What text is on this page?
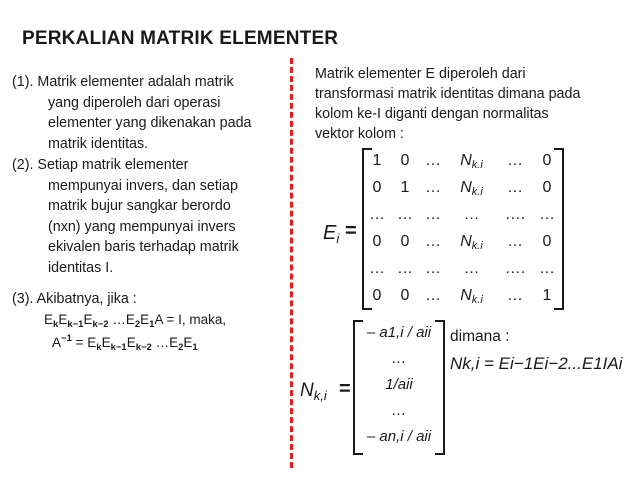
PERKALIAN MATRIK ELEMENTER
(1). Matrik elementer adalah matrik
yang diperoleh dari operasi
elementer yang dikenakan pada
matrik identitas.
(2). Setiap matrik elementer
mempunyai invers, dan setiap
matrik bujur sangkar berordo
(nxn) yang mempunyai invers
ekivalen baris terhadap matrik
identitas I.
(3). Akibatnya, jika :
$E_kE_{k-1}E_{k-2}$ $\dots E_2E_1A = I$, maka,
$A^{-1} = E_kE_{k-1}E_{k-2}$ $\dots E_2E_1$
Matrik elementer E diperoleh dari
transformasi matrik identitas dimana pada
kolom ke-I diganti dengan normalitas
vektor kolom :
$E_i$ =
1	0 …	Nk.i	…	0
0	1 …	Nk.i	…	0
… … …	…	…. …
0	0 …	Nk.i	…	0
… … …	…	…. …
0	0 …	Nk.i	…	1
$N_{k,i}$ =
– a1,i / aii
…
1/aii
…
– an,i / aii
dimana :
Nk,i = Ei−1Ei−2...E1IAi
